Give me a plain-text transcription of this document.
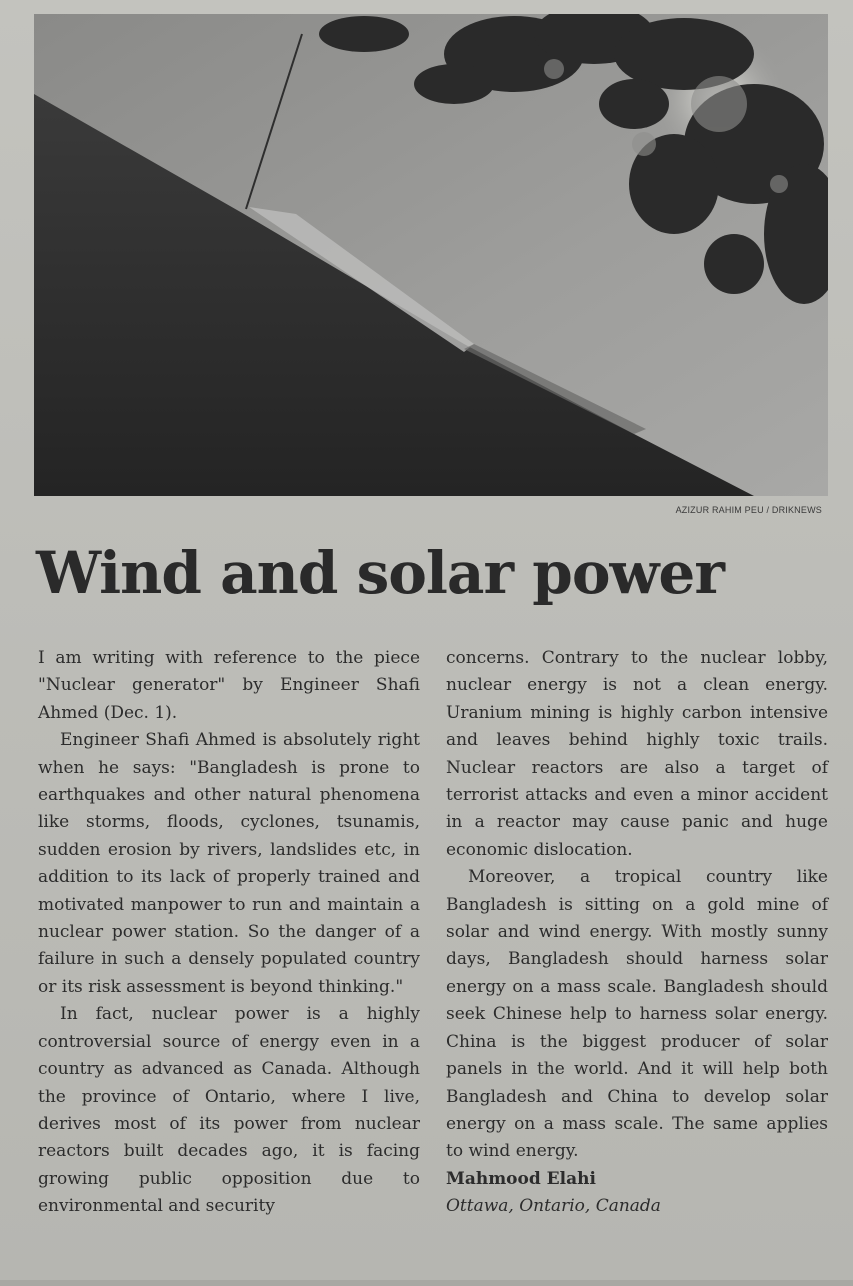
AZIZUR RAHIM PEU / DRIKNEWS
Wind and solar power

I am writing with reference to the piece "Nuclear generator" by Engineer Shafi Ahmed (Dec. 1).

Engineer Shafi Ahmed is absolutely right when he says: "Bangladesh is prone to earthquakes and other natural phenomena like storms, floods, cyclones, tsunamis, sudden erosion by rivers, landslides etc, in addition to its lack of properly trained and motivated manpower to run and maintain a nuclear power station. So the danger of a failure in such a densely populated country or its risk assessment is beyond thinking."

In fact, nuclear power is a highly controversial source of energy even in a country as advanced as Canada. Although the province of Ontario, where I live, derives most of its power from nuclear reactors built decades ago, it is facing growing public opposition due to environmental and security

concerns. Contrary to the nuclear lobby, nuclear energy is not a clean energy. Uranium mining is highly carbon intensive and leaves behind highly toxic trails. Nuclear reactors are also a target of terrorist attacks and even a minor accident in a reactor may cause panic and huge economic dislocation.

Moreover, a tropical country like Bangladesh is sitting on a gold mine of solar and wind energy. With mostly sunny days, Bangladesh should harness solar energy on a mass scale. Bangladesh should seek Chinese help to harness solar energy. China is the biggest producer of solar panels in the world. And it will help both Bangladesh and China to develop solar energy on a mass scale. The same applies to wind energy.

Mahmood Elahi

Ottawa, Ontario, Canada
